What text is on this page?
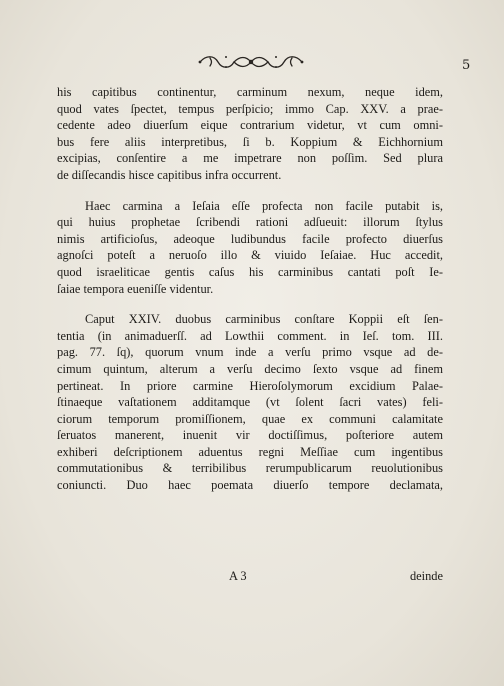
5
his capitibus continentur, carminum nexum, neque idem,
quod vates ſpectet, tempus perſpicio; immo Cap. XXV. a prae-
cedente adeo diuerſum eique contrarium videtur, vt cum omni-
bus fere aliis interpretibus, ſi b. Koppium & Eichhornium
excipias, conſentire a me impetrare non poſſim. Sed plura
de diſſecandis hisce capitibus infra occurrent.
Haec carmina a Ieſaia eſſe profecta non facile putabit is,
qui huius prophetae ſcribendi rationi adſueuit: illorum ſtylus
nimis artificioſus, adeoque ludibundus facile profecto diuerſus
agnoſci poteſt a neruoſo illo & viuido Ieſaiae. Huc accedit,
quod israeliticae gentis caſus his carminibus cantati poſt Ie-
ſaiae tempora eueniſſe videntur.
Caput XXIV. duobus carminibus conſtare Koppii eſt ſen-
tentia (in animaduerſſ. ad Lowthii comment. in Ieſ. tom. III.
pag. 77. ſq), quorum vnum inde a verſu primo vsque ad de-
cimum quintum, alterum a verſu decimo ſexto vsque ad finem
pertineat. In priore carmine Hieroſolymorum excidium Palae-
ſtinaeque vaſtationem additamque (vt ſolent ſacri vates) feli-
ciorum temporum promiſſionem, quae ex communi calamitate
ſeruatos manerent, inuenit vir doctiſſimus, poſteriore autem
exhiberi deſcriptionem aduentus regni Meſſiae cum ingentibus
commutationibus & terribilibus rerumpublicarum reuolutionibus
coniuncti. Duo haec poemata diuerſo tempore declamata,
A 3	deinde
